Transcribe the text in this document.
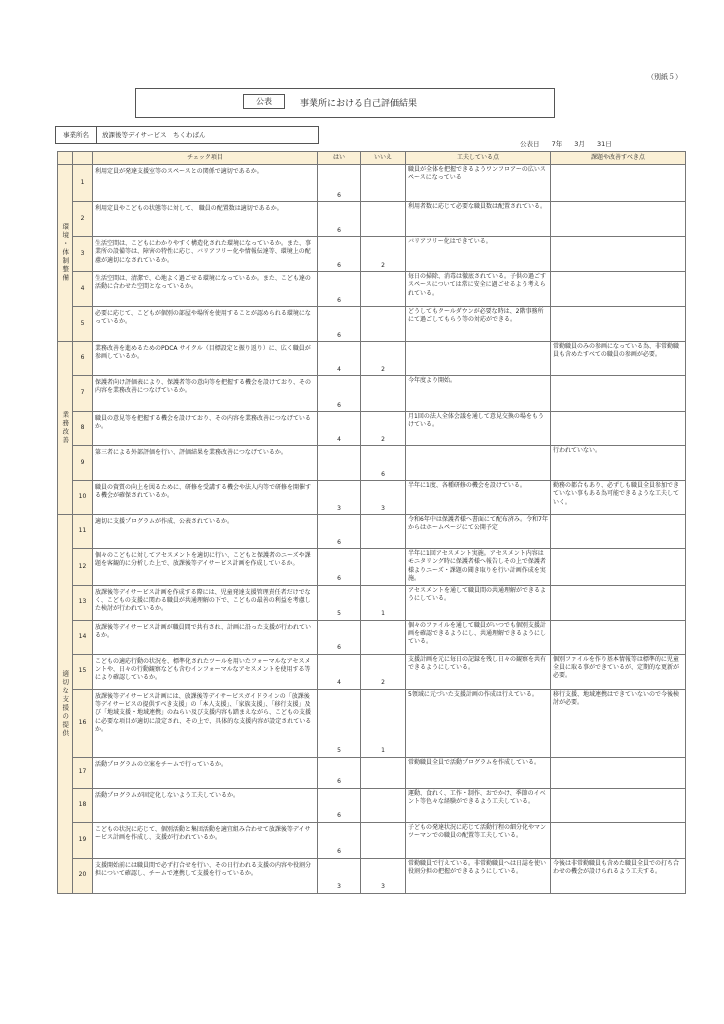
（別紙５）
公表	事業所における自己評価結果
事業所名	放課後等デイサービス　ちくわばん
公表日 7年 3月 31日
		チェック項目	はい	いいえ	工夫している点	課題や改善すべき点
環境・体制整備	1	利用定員が発達支援室等のスペースとの関係で適切であるか。	6		職員が全体を把握できるようワンフロアーの広いスペースになっている	
	2	利用定員やこどもの状態等に対して、 職員の配置数は適切であるか。	6		利用者数に応じて必要な職員数は配置されている。	
	3	生活空間は、こどもにわかりやすく構造化された環境になっているか。また、事業所の設備等は、障害の特性に応じ、バリアフリー化や情報伝達等、環境上の配慮が適切になされているか。	6	2	バリアフリー化はできている。	
	4	生活空間は、清潔で、心地よく過ごせる環境になっているか。また、こども達の活動に合わせた空間となっているか。	6		毎日の掃除、消毒は徹底されている。子供の過ごすスペースについては常に安全に過ごせるよう考えられている。	
	5	必要に応じて、こどもが個別の部屋や場所を使用することが認められる環境になっているか。	6		どうしてもクールダウンが必要な時は、2階事務所にて過ごしてもらう等の対応ができる。	
業務改善	6	業務改善を進めるためのPDCA サイクル（目標設定と振り返り）に、広く職員が参画しているか。	4	2		常勤職員のみの参画になっている為、非常勤職員も含めたすべての職員の参画が必要。
	7	保護者向け評価表により、保護者等の意向等を把握する機会を設けており、その内容を業務改善につなげているか。	6		今年度より開始。	
	8	職員の意見等を把握する機会を設けており、その内容を業務改善につなげているか。	4	2	月1回の法人全体会議を通して意見交換の場をもうけている。	
	9	第三者による外部評価を行い、評価結果を業務改善につなげているか。		6		行われていない。
	10	職員の資質の向上を図るために、研修を受講する機会や法人内等で研修を開催する機会が確保されているか。	3	3	半年に1度、各種研修の機会を設けている。	勤務の都合もあり、必ずしも職員全員参加できていない事もある為可能できるような工夫していく。
適切な支援の提供	11	適切に支援プログラムが作成、公表されているか。	6		令和6年中は保護者様へ書面にて配布済み。令和7年からはホームページにて公開予定	
	12	個々のこどもに対してアセスメントを適切に行い、こどもと保護者のニーズや課題を客観的に分析した上で、放課後等デイサービス計画を作成しているか。	6		半年に1回アセスメント実施。アセスメント内容はモニタリング時に保護者様へ報告しその上で保護者様よりニーズ・課題の聞き取りを行い計画作成を実施。	
	13	放課後等デイサービス計画を作成する際には、児童発達支援管理責任者だけでなく、こどもの支援に関わる職員が共通理解の下で、こどもの最善の利益を考慮した検討が行われているか。	5	1	アセスメントを通して職員間の共通理解ができるようにしている。	
	14	放課後等デイサービス計画が職員間で共有され、計画に沿った支援が行われているか。	6		個々のファイルを通して職員がいつでも個別支援計画を確認できるようにし、共通理解できるようにしている。	
	15	こどもの適応行動の状況を、標準化されたツールを用いたフォーマルなアセスメントや、日々の行動観察なども含むインフォーマルなアセスメントを使用する等により確認しているか。	4	2	支援計画を元に毎日の記録を残し日々の観察を共有できるようにしている。	個別ファイルを作り基本情報等は標準的に児童全員に取る事ができているが、定期的な更新が必要。
	16	放課後等デイサービス計画には、放課後等デイサービスガイドラインの「放課後等デイサービスの提供すべき支援」の「本人支援」、「家族支援」、「移行支援」及び「地域支援・地域連携」のねらい及び支援内容も踏まえながら、こどもの支援に必要な項目が適切に設定され、その上で、具体的な支援内容が設定されているか。	5	1	5領域に元づいた支援計画の作成は行えている。	移行支援、地域連携はできていないので今後検討が必要。
	17	活動プログラムの立案をチームで行っているか。	6		常勤職員全員で活動プログラムを作成している。	
	18	活動プログラムが固定化しないよう工夫しているか。	6		運動、食れく、工作・制作、おでかけ、季節のイベント等色々な経験ができるよう工夫している。	
	19	こどもの状況に応じて、個別活動と集団活動を適宜組み合わせて放課後等デイサービス計画を作成し、支援が行われているか。	6		子どもの発達状況に応じて活動行程の細分化やマンツーマンでの職員の配置等工夫している。	
	20	支援開始前には職員間で必ず打合せを行い、その日行われる支援の内容や役割分担について確認し、チームで連携して支援を行っているか。	3	3	常勤職員で行えている。非常勤職員へは日誌を使い役割分担の把握ができるようにしている。	今後は非常勤職員も含めた職員全員での打ち合わせの機会が設けられるよう工夫する。
